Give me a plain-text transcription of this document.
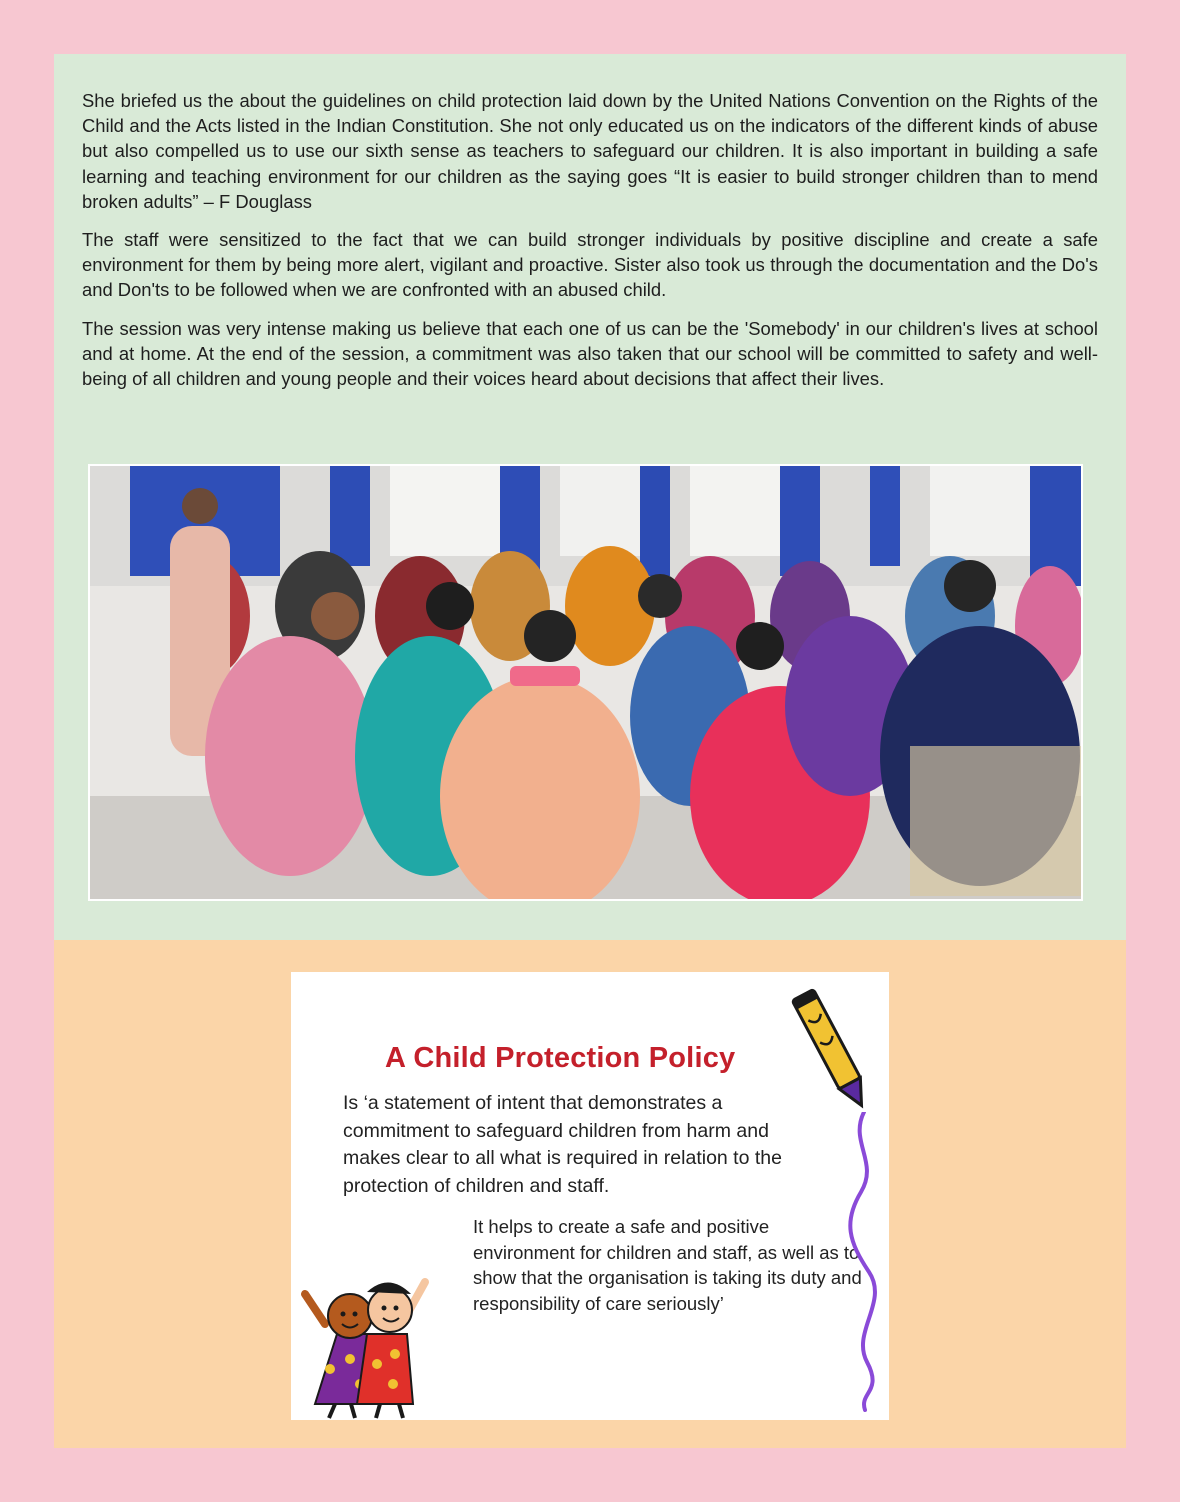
She briefed us the about the guidelines on child protection laid down by the United Nations Convention on the Rights of the Child and the Acts listed in the Indian Constitution. She not only educated us on the indicators of the different kinds of abuse but also compelled us to use our sixth sense as teachers to safeguard our children. It is also important in building a safe learning and teaching environment for our children as the saying goes “It is easier to build stronger children than to mend broken adults” – F Douglass

The staff were sensitized to the fact that we can build stronger individuals by positive discipline and create a safe environment for them by being more alert, vigilant and proactive. Sister also took us through the documentation and the Do's and Don'ts to be followed when we are confronted with an abused child.

The session was very intense making us believe that each one of us can be the 'Somebody' in our children's lives at school and at home. At the end of the session, a commitment was also taken that our school will be committed to safety and well-being of all children and young people and their voices heard about decisions that affect their lives.

A Child Protection Policy
Is ‘a statement of intent that demonstrates a commitment to safeguard children from harm and makes clear to all what is required in relation to the protection of children and staff.
It helps to create a safe and positive environment for children and staff, as well as to show that the organisation is taking its duty and responsibility of care seriously’
